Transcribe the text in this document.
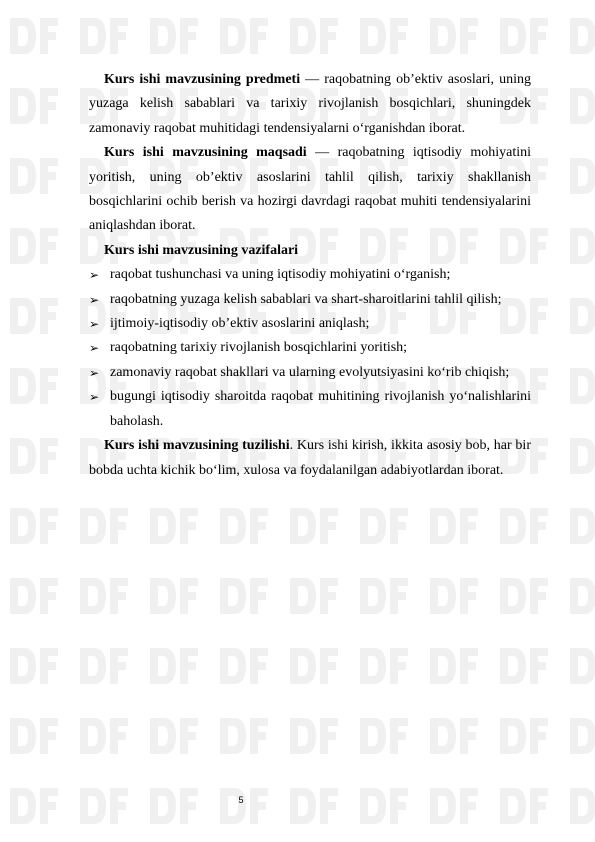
Kurs ishi mavzusining predmeti — raqobatning ob’ektiv asoslari, uning yuzaga kelish sabablari va tarixiy rivojlanish bosqichlari, shuningdek zamonaviy raqobat muhitidagi tendensiyalarni o‘rganishdan iborat.

Kurs ishi mavzusining maqsadi — raqobatning iqtisodiy mohiyatini yoritish, uning ob’ektiv asoslarini tahlil qilish, tarixiy shakllanish bosqichlarini ochib berish va hozirgi davrdagi raqobat muhiti tendensiyalarini aniqlashdan iborat.

Kurs ishi mavzusining vazifalari

➢ raqobat tushunchasi va uning iqtisodiy mohiyatini o‘rganish;
➢ raqobatning yuzaga kelish sabablari va shart-sharoitlarini tahlil qilish;
➢ ijtimoiy-iqtisodiy ob’ektiv asoslarini aniqlash;
➢ raqobatning tarixiy rivojlanish bosqichlarini yoritish;
➢ zamonaviy raqobat shakllari va ularning evolyutsiyasini ko‘rib chiqish;
➢ bugungi iqtisodiy sharoitda raqobat muhitining rivojlanish yo‘nalishlarini baholash.

Kurs ishi mavzusining tuzilishi. Kurs ishi kirish, ikkita asosiy bob, har bir bobda uchta kichik bo‘lim, xulosa va foydalanilgan adabiyotlardan iborat.

5
